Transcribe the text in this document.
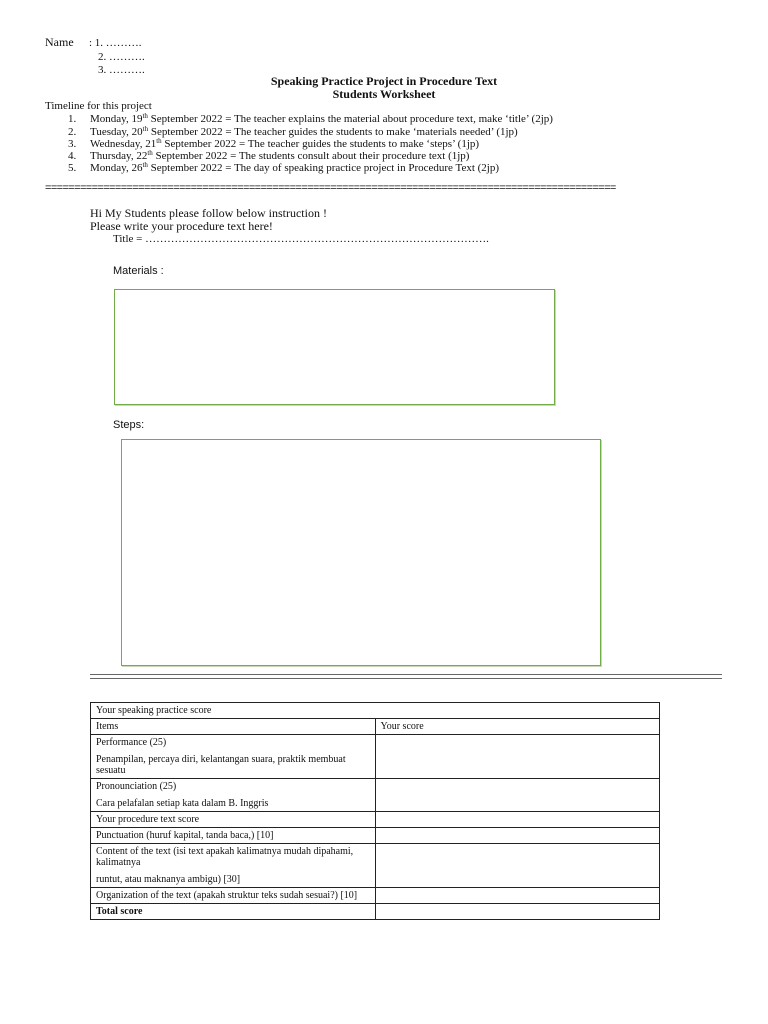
Name	: 1. ……….
2. ……….
3. ……….
Speaking Practice Project in Procedure Text
Students Worksheet
Timeline for this project
1. Monday, 19th September 2022 = The teacher explains the material about procedure text, make ‘title’ (2jp)
2. Tuesday, 20th September 2022 = The teacher guides the students to make ‘materials needed’ (1jp)
3. Wednesday, 21th September 2022 = The teacher guides the students to make ‘steps’ (1jp)
4. Thursday, 22th September 2022 = The students consult about their procedure text (1jp)
5. Monday, 26th September 2022 = The day of speaking practice project in Procedure Text (2jp)
==================================================================================================
Hi My Students please follow below instruction !
Please write your procedure text here!
Title = ………………………………………………………………………………….
Materials :
Steps:
Your speaking practice score	
Items	Your score
Performance (25)
Penampilan, percaya diri, kelantangan suara, praktik membuat sesuatu	

Pronounciation (25)
Cara pelafalan setiap kata dalam B. Inggris	

Your procedure text score	
Punctuation (huruf kapital, tanda baca,) [10]	
Content of the text (isi text apakah kalimatnya mudah dipahami, kalimatnya
runtut, atau maknanya ambigu) [30]	

Organization of the text (apakah struktur teks sudah sesuai?) [10]	
Total score	
